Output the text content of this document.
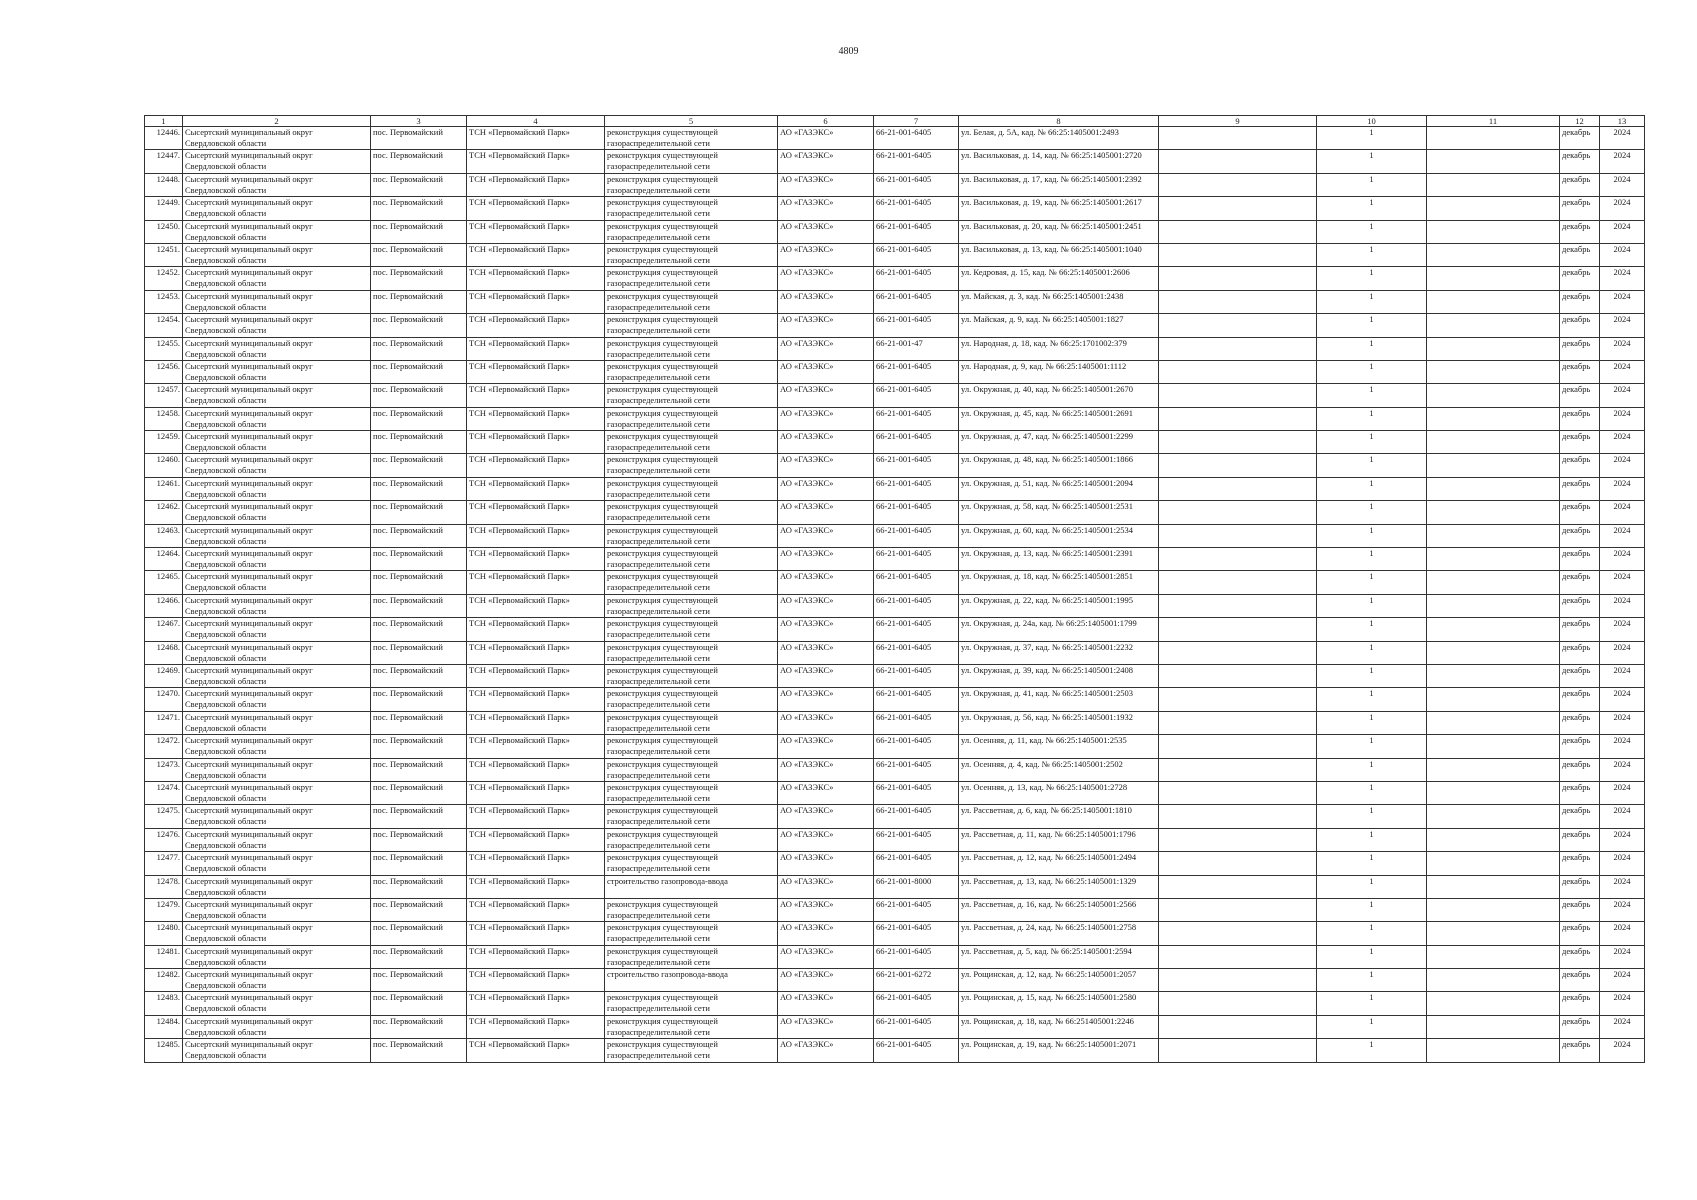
4809
1	2	3	4	5	6	7	8	9	10	11	12	13
12446.	Сысертский муниципальный округ
Свердловской области	пос. Первомайский	ТСН «Первомайский Парк»	реконструкция существующей
газораспределительной сети	АО «ГАЗЭКС»	66-21-001-6405	ул. Белая, д. 5А, кад. № 66:25:1405001:2493		1		декабрь	2024
12447.	Сысертский муниципальный округ
Свердловской области	пос. Первомайский	ТСН «Первомайский Парк»	реконструкция существующей
газораспределительной сети	АО «ГАЗЭКС»	66-21-001-6405	ул. Васильковая, д. 14, кад. № 66:25:1405001:2720		1		декабрь	2024
12448.	Сысертский муниципальный округ
Свердловской области	пос. Первомайский	ТСН «Первомайский Парк»	реконструкция существующей
газораспределительной сети	АО «ГАЗЭКС»	66-21-001-6405	ул. Васильковая, д. 17, кад. № 66:25:1405001:2392		1		декабрь	2024
12449.	Сысертский муниципальный округ
Свердловской области	пос. Первомайский	ТСН «Первомайский Парк»	реконструкция существующей
газораспределительной сети	АО «ГАЗЭКС»	66-21-001-6405	ул. Васильковая, д. 19, кад. № 66:25:1405001:2617		1		декабрь	2024
12450.	Сысертский муниципальный округ
Свердловской области	пос. Первомайский	ТСН «Первомайский Парк»	реконструкция существующей
газораспределительной сети	АО «ГАЗЭКС»	66-21-001-6405	ул. Васильковая, д. 20, кад. № 66:25:1405001:2451		1		декабрь	2024
12451.	Сысертский муниципальный округ
Свердловской области	пос. Первомайский	ТСН «Первомайский Парк»	реконструкция существующей
газораспределительной сети	АО «ГАЗЭКС»	66-21-001-6405	ул. Васильковая, д. 13, кад. № 66:25:1405001:1040		1		декабрь	2024
12452.	Сысертский муниципальный округ
Свердловской области	пос. Первомайский	ТСН «Первомайский Парк»	реконструкция существующей
газораспределительной сети	АО «ГАЗЭКС»	66-21-001-6405	ул. Кедровая, д. 15, кад. № 66:25:1405001:2606		1		декабрь	2024
12453.	Сысертский муниципальный округ
Свердловской области	пос. Первомайский	ТСН «Первомайский Парк»	реконструкция существующей
газораспределительной сети	АО «ГАЗЭКС»	66-21-001-6405	ул. Майская, д. 3, кад. № 66:25:1405001:2438		1		декабрь	2024
12454.	Сысертский муниципальный округ
Свердловской области	пос. Первомайский	ТСН «Первомайский Парк»	реконструкция существующей
газораспределительной сети	АО «ГАЗЭКС»	66-21-001-6405	ул. Майская, д. 9, кад. № 66:25:1405001:1827		1		декабрь	2024
12455.	Сысертский муниципальный округ
Свердловской области	пос. Первомайский	ТСН «Первомайский Парк»	реконструкция существующей
газораспределительной сети	АО «ГАЗЭКС»	66-21-001-47	ул. Народная, д. 18, кад. № 66:25:1701002:379		1		декабрь	2024
12456.	Сысертский муниципальный округ
Свердловской области	пос. Первомайский	ТСН «Первомайский Парк»	реконструкция существующей
газораспределительной сети	АО «ГАЗЭКС»	66-21-001-6405	ул. Народная, д. 9, кад. № 66:25:1405001:1112		1		декабрь	2024
12457.	Сысертский муниципальный округ
Свердловской области	пос. Первомайский	ТСН «Первомайский Парк»	реконструкция существующей
газораспределительной сети	АО «ГАЗЭКС»	66-21-001-6405	ул. Окружная, д. 40, кад. № 66:25:1405001:2670		1		декабрь	2024
12458.	Сысертский муниципальный округ
Свердловской области	пос. Первомайский	ТСН «Первомайский Парк»	реконструкция существующей
газораспределительной сети	АО «ГАЗЭКС»	66-21-001-6405	ул. Окружная, д. 45, кад. № 66:25:1405001:2691		1		декабрь	2024
12459.	Сысертский муниципальный округ
Свердловской области	пос. Первомайский	ТСН «Первомайский Парк»	реконструкция существующей
газораспределительной сети	АО «ГАЗЭКС»	66-21-001-6405	ул. Окружная, д. 47, кад. № 66:25:1405001:2299		1		декабрь	2024
12460.	Сысертский муниципальный округ
Свердловской области	пос. Первомайский	ТСН «Первомайский Парк»	реконструкция существующей
газораспределительной сети	АО «ГАЗЭКС»	66-21-001-6405	ул. Окружная, д. 48, кад. № 66:25:1405001:1866		1		декабрь	2024
12461.	Сысертский муниципальный округ
Свердловской области	пос. Первомайский	ТСН «Первомайский Парк»	реконструкция существующей
газораспределительной сети	АО «ГАЗЭКС»	66-21-001-6405	ул. Окружная, д. 51, кад. № 66:25:1405001:2094		1		декабрь	2024
12462.	Сысертский муниципальный округ
Свердловской области	пос. Первомайский	ТСН «Первомайский Парк»	реконструкция существующей
газораспределительной сети	АО «ГАЗЭКС»	66-21-001-6405	ул. Окружная, д. 58, кад. № 66:25:1405001:2531		1		декабрь	2024
12463.	Сысертский муниципальный округ
Свердловской области	пос. Первомайский	ТСН «Первомайский Парк»	реконструкция существующей
газораспределительной сети	АО «ГАЗЭКС»	66-21-001-6405	ул. Окружная, д. 60, кад. № 66:25:1405001:2534		1		декабрь	2024
12464.	Сысертский муниципальный округ
Свердловской области	пос. Первомайский	ТСН «Первомайский Парк»	реконструкция существующей
газораспределительной сети	АО «ГАЗЭКС»	66-21-001-6405	ул. Окружная, д. 13, кад. № 66:25:1405001:2391		1		декабрь	2024
12465.	Сысертский муниципальный округ
Свердловской области	пос. Первомайский	ТСН «Первомайский Парк»	реконструкция существующей
газораспределительной сети	АО «ГАЗЭКС»	66-21-001-6405	ул. Окружная, д. 18, кад. № 66:25:1405001:2851		1		декабрь	2024
12466.	Сысертский муниципальный округ
Свердловской области	пос. Первомайский	ТСН «Первомайский Парк»	реконструкция существующей
газораспределительной сети	АО «ГАЗЭКС»	66-21-001-6405	ул. Окружная, д. 22, кад. № 66:25:1405001:1995		1		декабрь	2024
12467.	Сысертский муниципальный округ
Свердловской области	пос. Первомайский	ТСН «Первомайский Парк»	реконструкция существующей
газораспределительной сети	АО «ГАЗЭКС»	66-21-001-6405	ул. Окружная, д. 24а, кад. № 66:25:1405001:1799		1		декабрь	2024
12468.	Сысертский муниципальный округ
Свердловской области	пос. Первомайский	ТСН «Первомайский Парк»	реконструкция существующей
газораспределительной сети	АО «ГАЗЭКС»	66-21-001-6405	ул. Окружная, д. 37, кад. № 66:25:1405001:2232		1		декабрь	2024
12469.	Сысертский муниципальный округ
Свердловской области	пос. Первомайский	ТСН «Первомайский Парк»	реконструкция существующей
газораспределительной сети	АО «ГАЗЭКС»	66-21-001-6405	ул. Окружная, д. 39, кад. № 66:25:1405001:2408		1		декабрь	2024
12470.	Сысертский муниципальный округ
Свердловской области	пос. Первомайский	ТСН «Первомайский Парк»	реконструкция существующей
газораспределительной сети	АО «ГАЗЭКС»	66-21-001-6405	ул. Окружная, д. 41, кад. № 66:25:1405001:2503		1		декабрь	2024
12471.	Сысертский муниципальный округ
Свердловской области	пос. Первомайский	ТСН «Первомайский Парк»	реконструкция существующей
газораспределительной сети	АО «ГАЗЭКС»	66-21-001-6405	ул. Окружная, д. 56, кад. № 66:25:1405001:1932		1		декабрь	2024
12472.	Сысертский муниципальный округ
Свердловской области	пос. Первомайский	ТСН «Первомайский Парк»	реконструкция существующей
газораспределительной сети	АО «ГАЗЭКС»	66-21-001-6405	ул. Осенняя, д. 11, кад. № 66:25:1405001:2535		1		декабрь	2024
12473.	Сысертский муниципальный округ
Свердловской области	пос. Первомайский	ТСН «Первомайский Парк»	реконструкция существующей
газораспределительной сети	АО «ГАЗЭКС»	66-21-001-6405	ул. Осенняя, д. 4, кад. № 66:25:1405001:2502		1		декабрь	2024
12474.	Сысертский муниципальный округ
Свердловской области	пос. Первомайский	ТСН «Первомайский Парк»	реконструкция существующей
газораспределительной сети	АО «ГАЗЭКС»	66-21-001-6405	ул. Осенняя, д. 13, кад. № 66:25:1405001:2728		1		декабрь	2024
12475.	Сысертский муниципальный округ
Свердловской области	пос. Первомайский	ТСН «Первомайский Парк»	реконструкция существующей
газораспределительной сети	АО «ГАЗЭКС»	66-21-001-6405	ул. Рассветная, д. 6, кад. № 66:25:1405001:1810		1		декабрь	2024
12476.	Сысертский муниципальный округ
Свердловской области	пос. Первомайский	ТСН «Первомайский Парк»	реконструкция существующей
газораспределительной сети	АО «ГАЗЭКС»	66-21-001-6405	ул. Рассветная, д. 11, кад. № 66:25:1405001:1796		1		декабрь	2024
12477.	Сысертский муниципальный округ
Свердловской области	пос. Первомайский	ТСН «Первомайский Парк»	реконструкция существующей
газораспределительной сети	АО «ГАЗЭКС»	66-21-001-6405	ул. Рассветная, д. 12, кад. № 66:25:1405001:2494		1		декабрь	2024
12478.	Сысертский муниципальный округ
Свердловской области	пос. Первомайский	ТСН «Первомайский Парк»	строительство газопровода-ввода	АО «ГАЗЭКС»	66-21-001-8000	ул. Рассветная, д. 13, кад. № 66:25:1405001:1329		1		декабрь	2024
12479.	Сысертский муниципальный округ
Свердловской области	пос. Первомайский	ТСН «Первомайский Парк»	реконструкция существующей
газораспределительной сети	АО «ГАЗЭКС»	66-21-001-6405	ул. Рассветная, д. 16, кад. № 66:25:1405001:2566		1		декабрь	2024
12480.	Сысертский муниципальный округ
Свердловской области	пос. Первомайский	ТСН «Первомайский Парк»	реконструкция существующей
газораспределительной сети	АО «ГАЗЭКС»	66-21-001-6405	ул. Рассветная, д. 24, кад. № 66:25:1405001:2758		1		декабрь	2024
12481.	Сысертский муниципальный округ
Свердловской области	пос. Первомайский	ТСН «Первомайский Парк»	реконструкция существующей
газораспределительной сети	АО «ГАЗЭКС»	66-21-001-6405	ул. Рассветная, д. 5, кад. № 66:25:1405001:2594		1		декабрь	2024
12482.	Сысертский муниципальный округ
Свердловской области	пос. Первомайский	ТСН «Первомайский Парк»	строительство газопровода-ввода	АО «ГАЗЭКС»	66-21-001-6272	ул. Рощинская, д. 12, кад. № 66:25:1405001:2057		1		декабрь	2024
12483.	Сысертский муниципальный округ
Свердловской области	пос. Первомайский	ТСН «Первомайский Парк»	реконструкция существующей
газораспределительной сети	АО «ГАЗЭКС»	66-21-001-6405	ул. Рощинская, д. 15, кад. № 66:25:1405001:2580		1		декабрь	2024
12484.	Сысертский муниципальный округ
Свердловской области	пос. Первомайский	ТСН «Первомайский Парк»	реконструкция существующей
газораспределительной сети	АО «ГАЗЭКС»	66-21-001-6405	ул. Рощинская, д. 18, кад. № 66:251405001:2246		1		декабрь	2024
12485.	Сысертский муниципальный округ
Свердловской области	пос. Первомайский	ТСН «Первомайский Парк»	реконструкция существующей
газораспределительной сети	АО «ГАЗЭКС»	66-21-001-6405	ул. Рощинская, д. 19, кад. № 66:25:1405001:2071		1		декабрь	2024
